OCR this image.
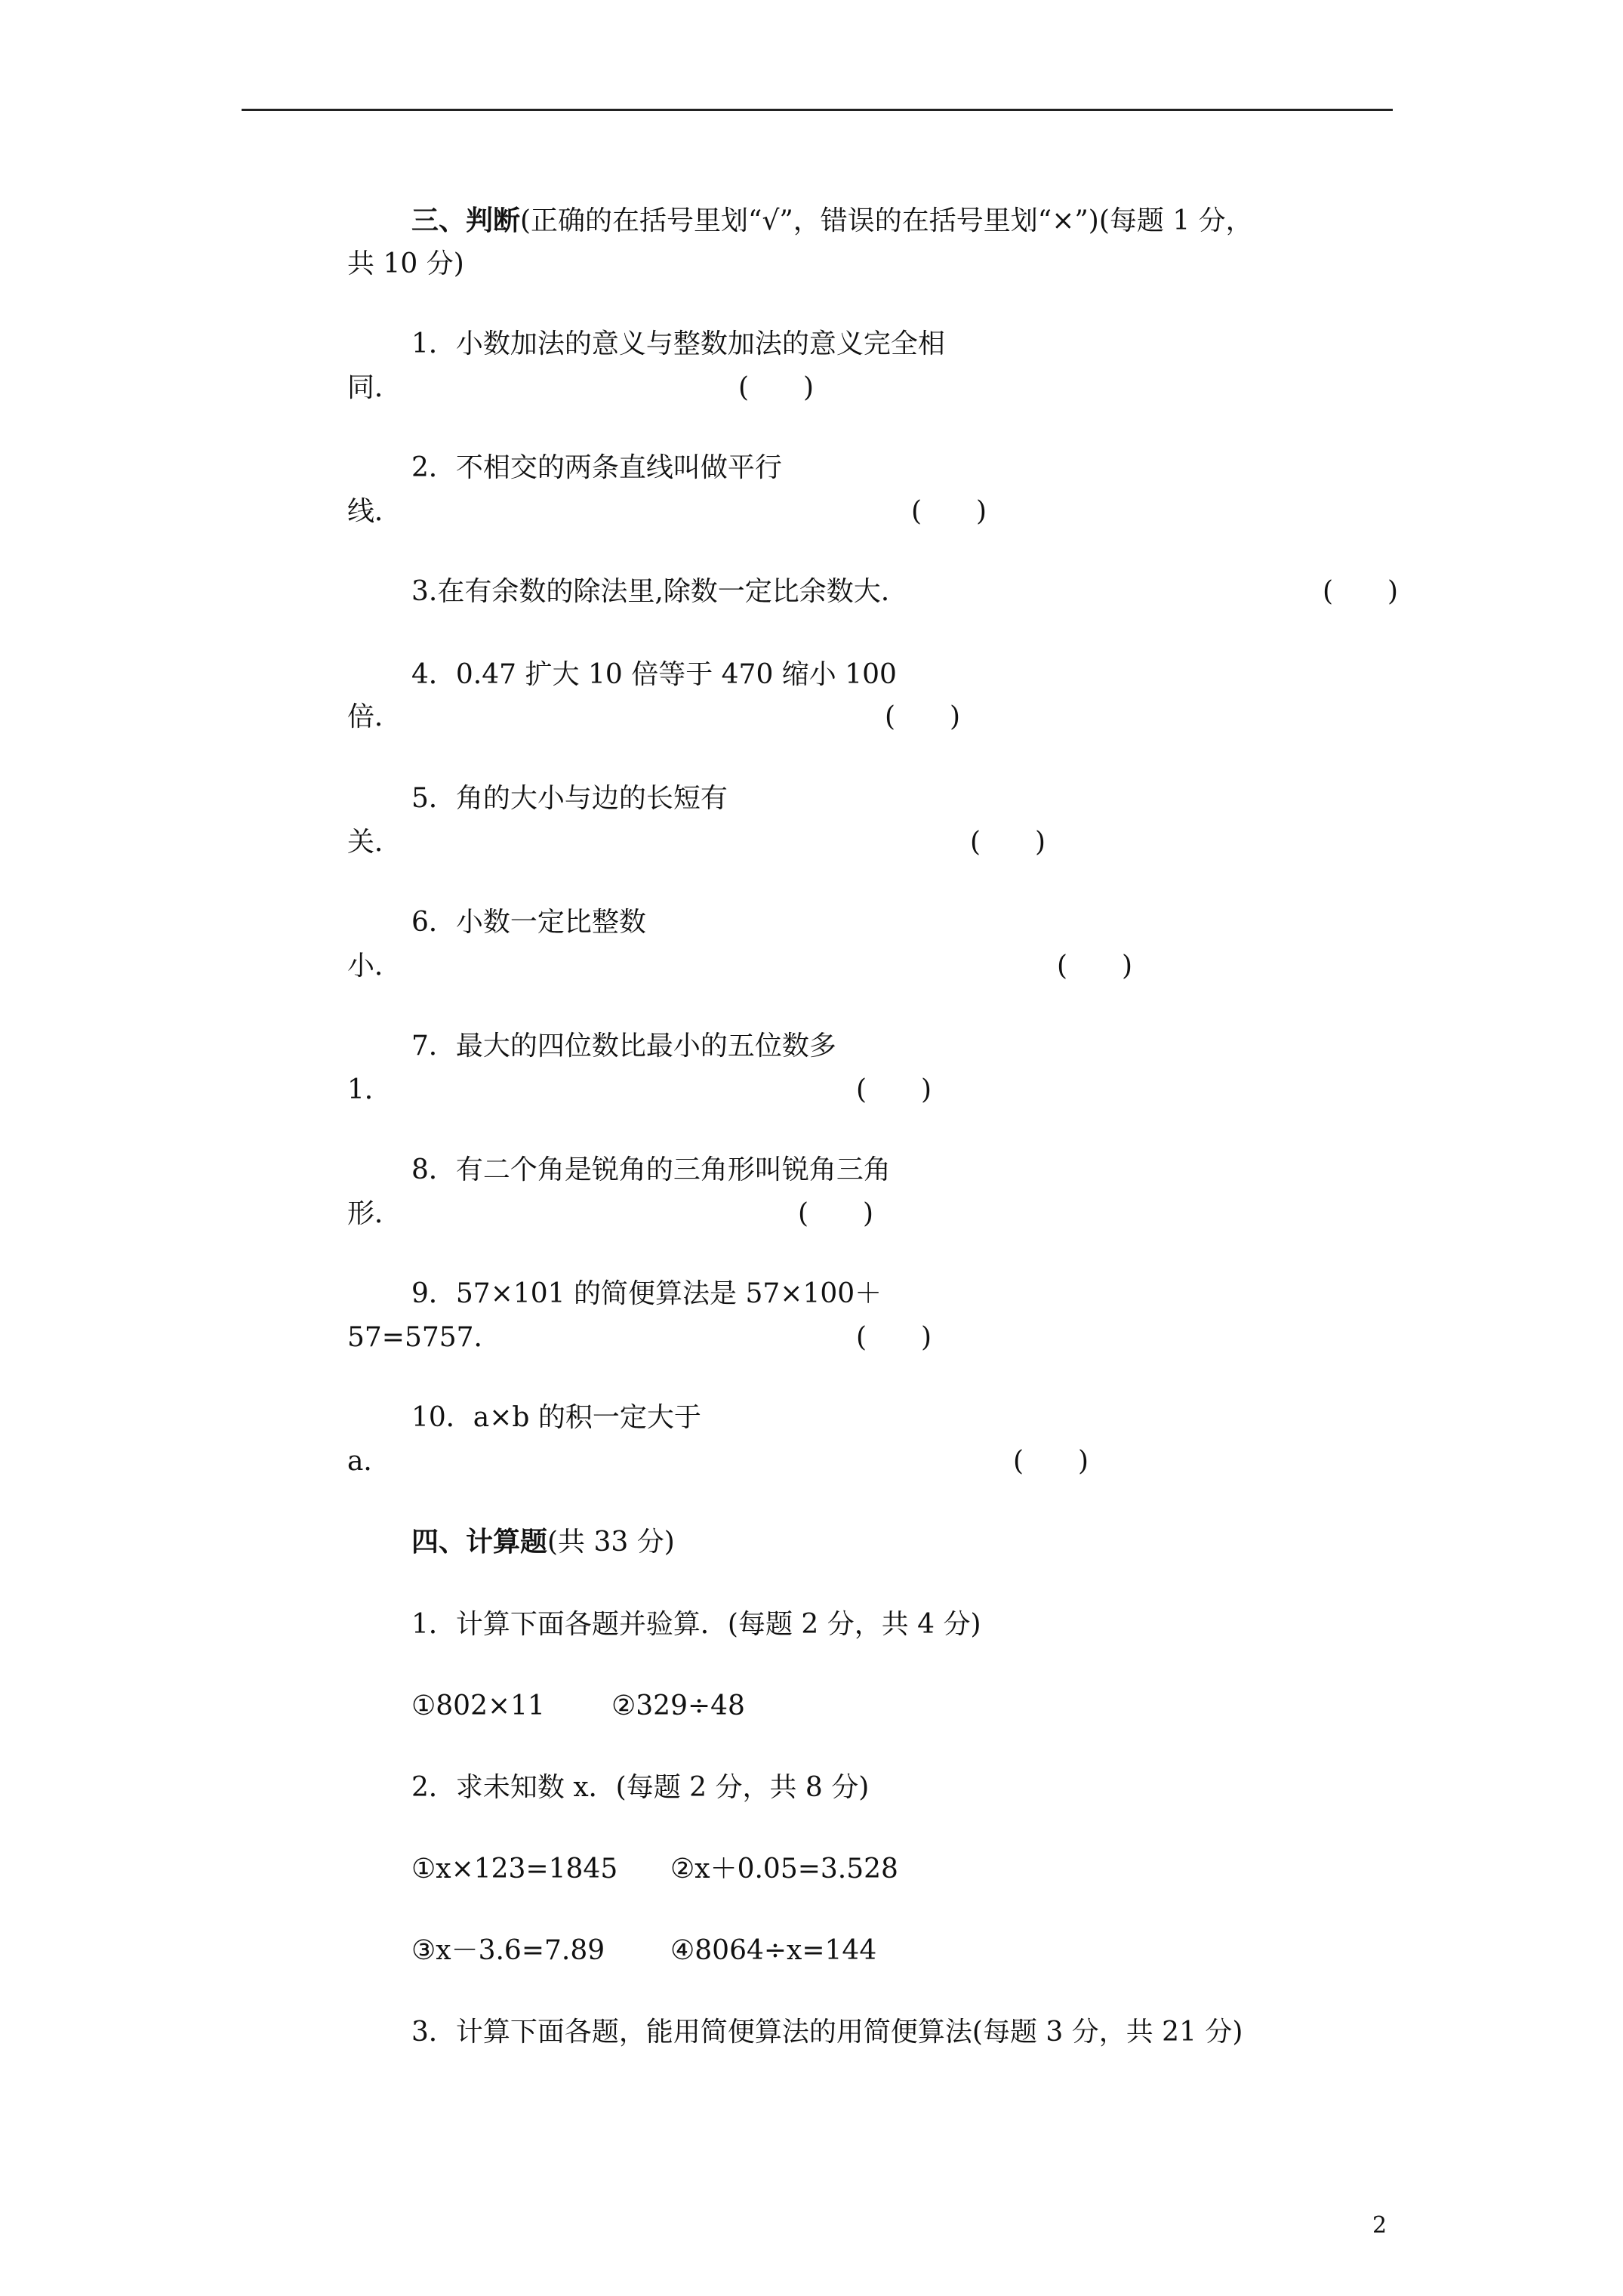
三、判断(正确的在括号里划“√”，错误的在括号里划“×”)(每题 1 分，
共 10 分)
1．小数加法的意义与整数加法的意义完全相
同．	(　　)
2．不相交的两条直线叫做平行
线．	(　　)
3.在有余数的除法里,除数一定比余数大.	(　　)
4．0.47 扩大 10 倍等于 470 缩小 100
倍．	(　　)
5．角的大小与边的长短有
关．	(　　)
6．小数一定比整数
小．	(　　)
7．最大的四位数比最小的五位数多
1．	(　　)
8．有二个角是锐角的三角形叫锐角三角
形．	(　　)
9．57×101 的简便算法是 57×100＋
57=5757．	(　　)
10．a×b 的积一定大于
a．	(　　)
四、计算题(共 33 分)
1．计算下面各题并验算．(每题 2 分，共 4 分)
①802×11 ②329÷48
2．求未知数 x．(每题 2 分，共 8 分)
①x×123=1845 ②x＋0.05=3.528
③x－3.6=7.89 ④8064÷x=144
3．计算下面各题，能用简便算法的用简便算法(每题 3 分，共 21 分)
2
